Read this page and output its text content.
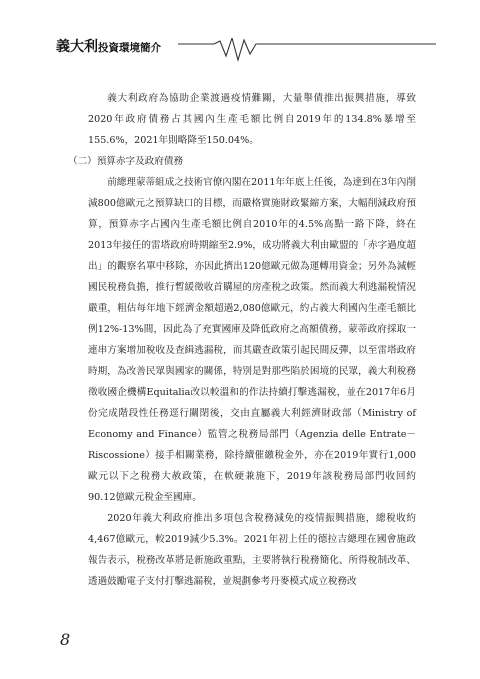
義大利投資環境簡介

義大利政府為協助企業渡過疫情難關，大量舉債推出振興措施，導致2020年政府債務占其國內生產毛額比例自2019年的134.8%暴增至155.6%，2021年則略降至150.04%。

（二）預算赤字及政府債務

前總理蒙蒂組成之技術官僚內閣在2011年年底上任後，為達到在3年內削減800億歐元之預算缺口的目標，而嚴格實施財政緊縮方案，大幅削減政府預算，預算赤字占國內生產毛額比例自2010年的4.5%高點一路下降，終在2013年接任的雷塔政府時期縮至2.9%，成功將義大利由歐盟的「赤字過度超出」的觀察名單中移除，亦因此擠出120億歐元做為運轉用資金；另外為減輕國民稅務負擔，推行暫緩徵收首購屋的房產稅之政策。然而義大利逃漏稅情況嚴重，粗估每年地下經濟金額超過2,080億歐元，約占義大利國內生產毛額比例12%-13%間，因此為了充實國庫及降低政府之高額債務，蒙蒂政府採取一連串方案增加稅收及查緝逃漏稅，而其嚴查政策引起民間反彈，以至雷塔政府時期，為改善民眾與國家的關係，特別是對那些陷於困境的民眾，義大利稅務徵收國企機構Equitalia改以較溫和的作法持續打擊逃漏稅，並在2017年6月份完成階段性任務逕行關閉後，交由直屬義大利經濟財政部（Ministry of Economy and Finance）監管之稅務局部門（Agenzia delle Entrate－Riscossione）接手相關業務，除持續催繳稅金外，亦在2019年實行1,000歐元以下之稅務大赦政策，在軟硬兼施下，2019年該稅務局部門收回約90.12億歐元稅金至國庫。

2020年義大利政府推出多項包含稅務減免的疫情振興措施，總稅收約4,467億歐元，較2019減少5.3%。2021年初上任的德拉吉總理在國會施政報告表示，稅務改革將是新施政重點，主要將執行稅務簡化、所得稅制改革、透過鼓勵電子支付打擊逃漏稅，並規劃參考丹麥模式成立稅務改

8
